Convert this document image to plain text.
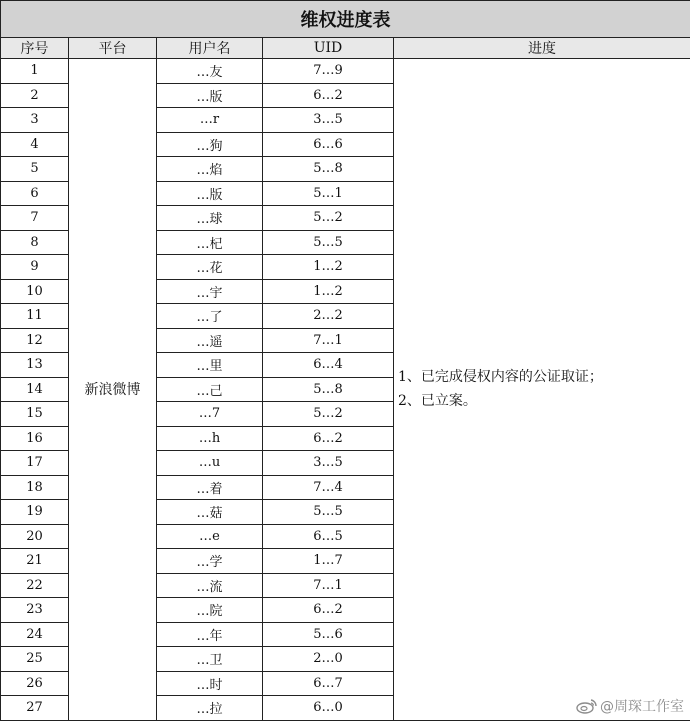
维权进度表				
序号	平台	用户名	UID	进度
1	新浪微博	…友	7…9	1、已完成侵权内容的公证取证；
2、已立案。

2		…版	6…2	
3		…r	3…5	
4		…狗	6…6	
5		…焰	5…8	
6		…版	5…1	
7		…球	5…2	
8		…杞	5…5	
9		…花	1…2	
10		…宇	1…2	
11		…了	2…2	
12		…遥	7…1	
13		…里	6…4	
14		…己	5…8	
15		…7	5…2	
16		…h	6…2	
17		…u	3…5	
18		…着	7…4	
19		…菇	5…5	
20		…e	6…5	
21		…学	1…7	
22		…流	7…1	
23		…院	6…2	
24		…年	5…6	
25		…卫	2…0	
26		…时	6…7	
27		…拉	6…0		@周琛工作室
